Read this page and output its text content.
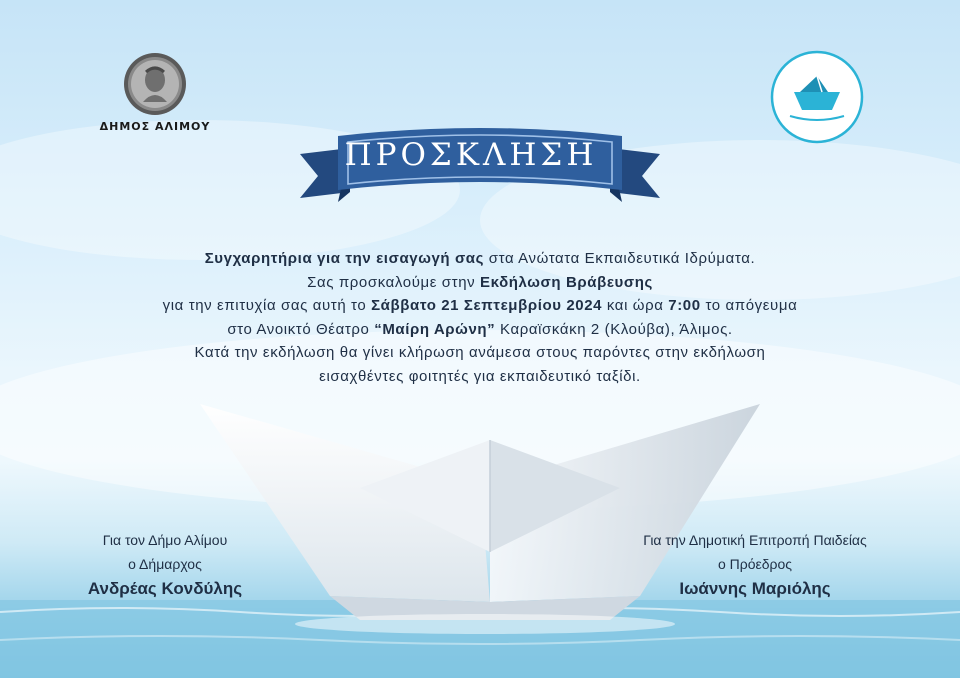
ΔΗΜΟΣ ΑΛΙΜΟΥ
ΠΡΟΣΚΛΗΣΗ
Συγχαρητήρια για την εισαγωγή σας στα Ανώτατα Εκπαιδευτικά Ιδρύματα.
Σας προσκαλούμε στην Εκδήλωση Βράβευσης
για την επιτυχία σας αυτή το Σάββατο 21 Σεπτεμβρίου 2024 και ώρα 7:00 το απόγευμα
στο Ανοικτό Θέατρο “Μαίρη Αρώνη” Καραϊσκάκη 2 (Κλούβα), Άλιμος.
Κατά την εκδήλωση θα γίνει κλήρωση ανάμεσα στους παρόντες στην εκδήλωση
εισαχθέντες φοιτητές για εκπαιδευτικό ταξίδι.
Για τον Δήμο Αλίμου
ο Δήμαρχος
Ανδρέας Κονδύλης
Για την Δημοτική Επιτροπή Παιδείας
ο Πρόεδρος
Ιωάννης Μαριόλης
